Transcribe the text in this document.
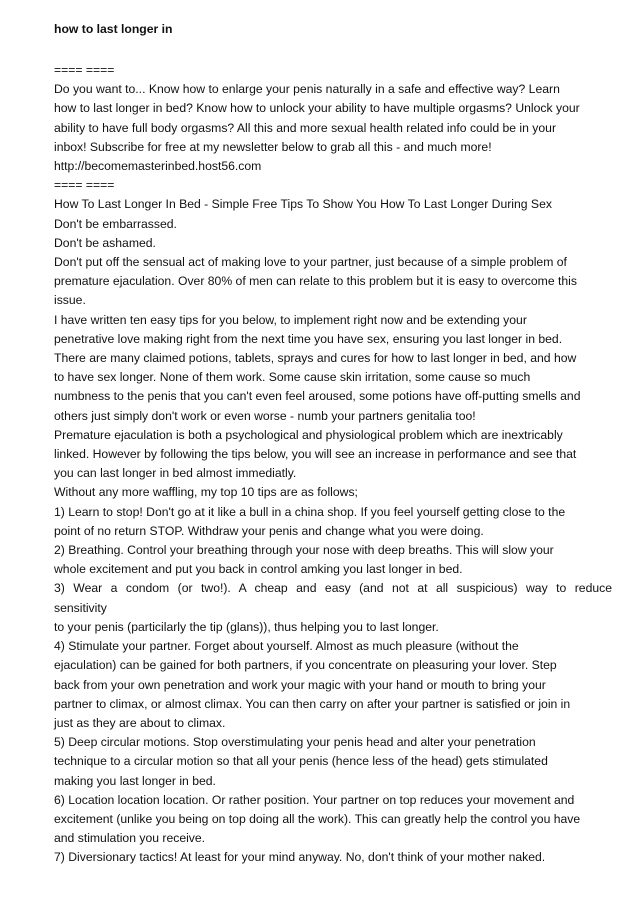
how to last longer in

==== ====

Do you want to... Know how to enlarge your penis naturally in a safe and effective way? Learn

how to last longer in bed? Know how to unlock your ability to have multiple orgasms? Unlock your

ability to have full body orgasms? All this and more sexual health related info could be in your

inbox! Subscribe for free at my newsletter below to grab all this - and much more!

http://becomemasterinbed.host56.com

==== ====

How To Last Longer In Bed - Simple Free Tips To Show You How To Last Longer During Sex

Don't be embarrassed.

Don't be ashamed.

Don't put off the sensual act of making love to your partner, just because of a simple problem of

premature ejaculation. Over 80% of men can relate to this problem but it is easy to overcome this

issue.

I have written ten easy tips for you below, to implement right now and be extending your

penetrative love making right from the next time you have sex, ensuring you last longer in bed.

There are many claimed potions, tablets, sprays and cures for how to last longer in bed, and how

to have sex longer. None of them work. Some cause skin irritation, some cause so much

numbness to the penis that you can't even feel aroused, some potions have off-putting smells and

others just simply don't work or even worse - numb your partners genitalia too!

Premature ejaculation is both a psychological and physiological problem which are inextricably

linked. However by following the tips below, you will see an increase in performance and see that

you can last longer in bed almost immediatly.

Without any more waffling, my top 10 tips are as follows;

1) Learn to stop! Don't go at it like a bull in a china shop. If you feel yourself getting close to the

point of no return STOP. Withdraw your penis and change what you were doing.

2) Breathing. Control your breathing through your nose with deep breaths. This will slow your

whole excitement and put you back in control amking you last longer in bed.

3) Wear a condom (or two!). A cheap and easy (and not at all suspicious) way to reduce

sensitivity

to your penis (particilarly the tip (glans)), thus helping you to last longer.

4) Stimulate your partner. Forget about yourself. Almost as much pleasure (without the

ejaculation) can be gained for both partners, if you concentrate on pleasuring your lover. Step

back from your own penetration and work your magic with your hand or mouth to bring your

partner to climax, or almost climax. You can then carry on after your partner is satisfied or join in

just as they are about to climax.

5) Deep circular motions. Stop overstimulating your penis head and alter your penetration

technique to a circular motion so that all your penis (hence less of the head) gets stimulated

making you last longer in bed.

6) Location location location. Or rather position. Your partner on top reduces your movement and

excitement (unlike you being on top doing all the work). This can greatly help the control you have

and stimulation you receive.

7) Diversionary tactics! At least for your mind anyway. No, don't think of your mother naked.
